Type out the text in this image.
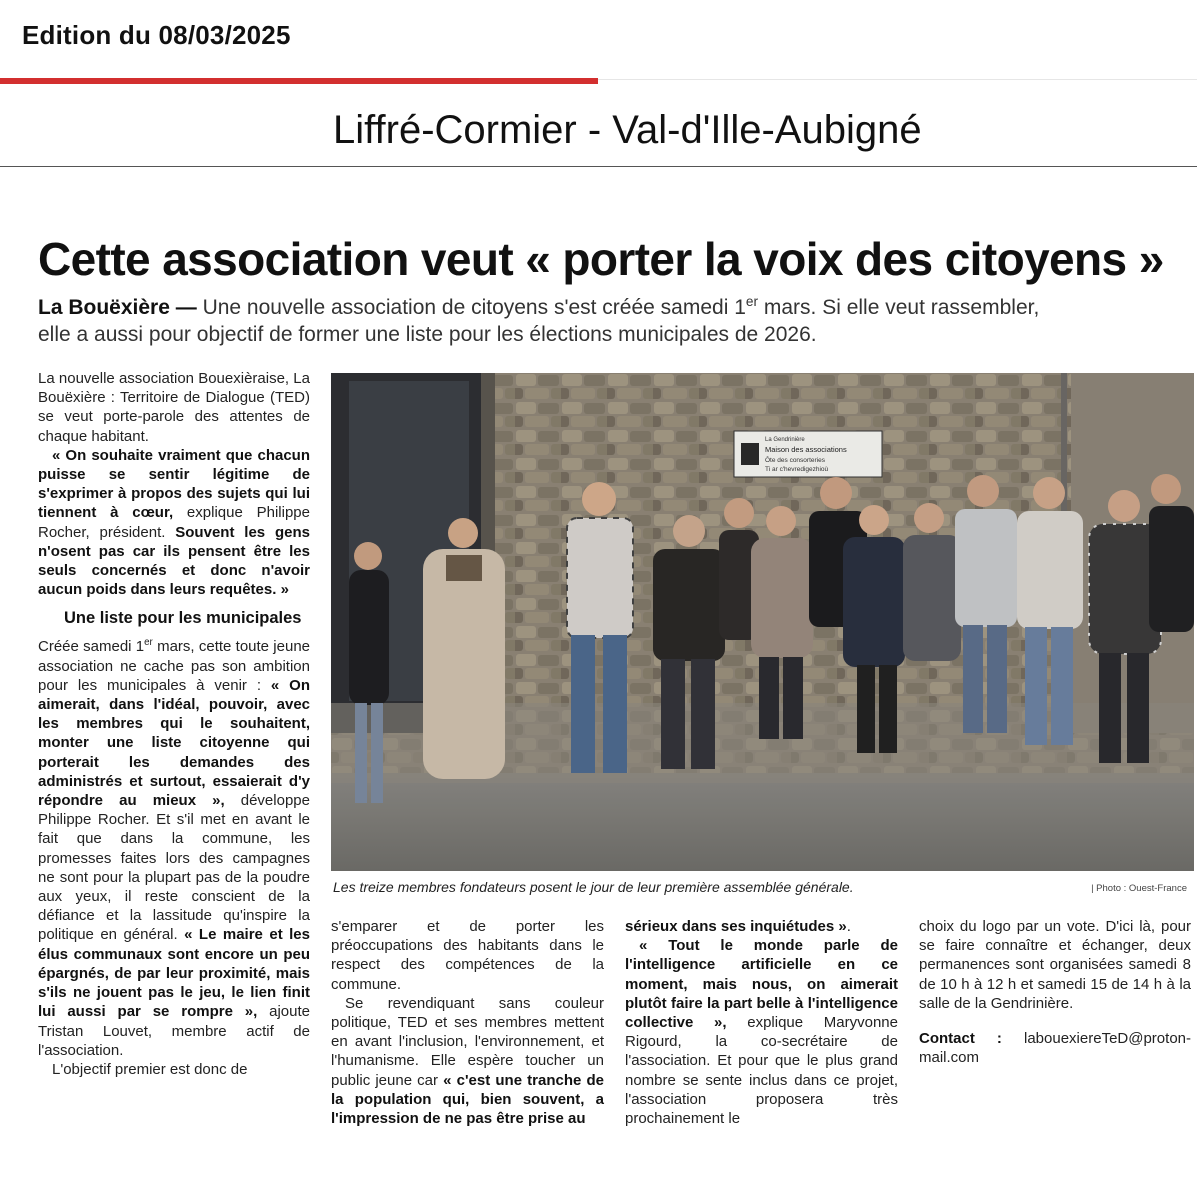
Edition du 08/03/2025
Liffré-Cormier - Val-d'Ille-Aubigné
Cette association veut « porter la voix des citoyens »

La Bouëxière — Une nouvelle association de citoyens s'est créée samedi 1er mars. Si elle veut rassembler, elle a aussi pour objectif de former une liste pour les élections municipales de 2026.

La nouvelle association Bouexièraise, La Bouëxière : Territoire de Dialogue (TED) se veut porte-parole des attentes de chaque habitant.

« On souhaite vraiment que chacun puisse se sentir légitime de s'exprimer à propos des sujets qui lui tiennent à cœur, explique Philippe Rocher, président. Souvent les gens n'osent pas car ils pensent être les seuls concernés et donc n'avoir aucun poids dans leurs requêtes. »

Une liste pour les municipales

Créée samedi 1er mars, cette toute jeune association ne cache pas son ambition pour les municipales à venir : « On aimerait, dans l'idéal, pouvoir, avec les membres qui le souhaitent, monter une liste citoyenne qui porterait les demandes des administrés et surtout, essaierait d'y répondre au mieux », développe Philippe Rocher. Et s'il met en avant le fait que dans la commune, les promesses faites lors des campagnes ne sont pour la plupart pas de la poudre aux yeux, il reste conscient de la défiance et la lassitude qu'inspire la politique en général. « Le maire et les élus communaux sont encore un peu épargnés, de par leur proximité, mais s'ils ne jouent pas le jeu, le lien finit lui aussi par se rompre », ajoute Tristan Louvet, membre actif de l'association.

L'objectif premier est donc de

La Gendrinière
Maison des associations
Ôte des consorteries
Ti ar c'hevredigezhioù
Les treize membres fondateurs posent le jour de leur première assemblée générale.	| Photo : Ouest-France

s'emparer et de porter les préoccupations des habitants dans le respect des compétences de la commune.

Se revendiquant sans couleur politique, TED et ses membres mettent en avant l'inclusion, l'environnement, et l'humanisme. Elle espère toucher un public jeune car « c'est une tranche de la population qui, bien souvent, a l'impression de ne pas être prise au

sérieux dans ses inquiétudes ».

« Tout le monde parle de l'intelligence artificielle en ce moment, mais nous, on aimerait plutôt faire la part belle à l'intelligence collective », explique Maryvonne Rigourd, la co-secrétaire de l'association. Et pour que le plus grand nombre se sente inclus dans ce projet, l'association proposera très prochainement le

choix du logo par un vote. D'ici là, pour se faire connaître et échanger, deux permanences sont organisées samedi 8 de 10 h à 12 h et samedi 15 de 14 h à la salle de la Gendrinière.

Contact : labouexiereTeD@proton-mail.com
